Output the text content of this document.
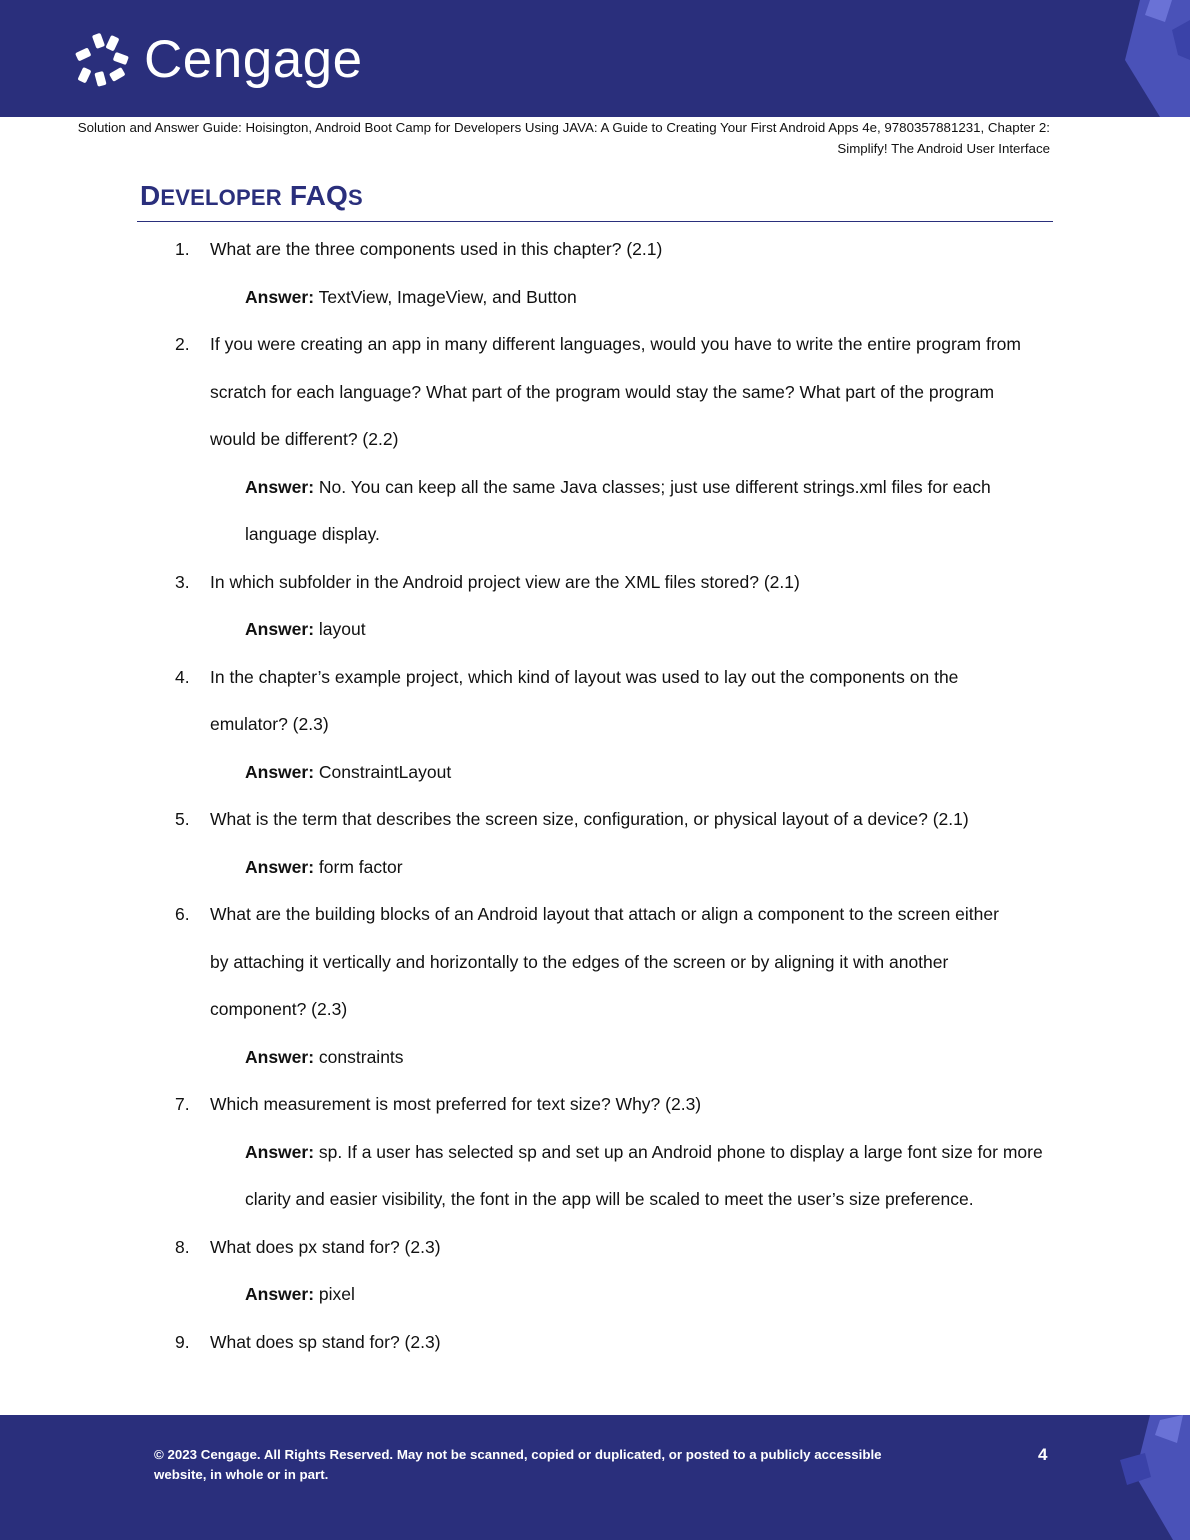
Cengage
Solution and Answer Guide: Hoisington, Android Boot Camp for Developers Using JAVA: A Guide to Creating Your First Android Apps 4e, 9780357881231, Chapter 2:
Simplify! The Android User Interface
DEVELOPER FAQS
1. What are the three components used in this chapter? (2.1)
Answer: TextView, ImageView, and Button
2. If you were creating an app in many different languages, would you have to write the entire program from
scratch for each language? What part of the program would stay the same? What part of the program
would be different? (2.2)
Answer: No. You can keep all the same Java classes; just use different strings.xml files for each
language display.
3. In which subfolder in the Android project view are the XML files stored? (2.1)
Answer: layout
4. In the chapter’s example project, which kind of layout was used to lay out the components on the
emulator? (2.3)
Answer: ConstraintLayout
5. What is the term that describes the screen size, configuration, or physical layout of a device? (2.1)
Answer: form factor
6. What are the building blocks of an Android layout that attach or align a component to the screen either
by attaching it vertically and horizontally to the edges of the screen or by aligning it with another
component? (2.3)
Answer: constraints
7. Which measurement is most preferred for text size? Why? (2.3)
Answer: sp. If a user has selected sp and set up an Android phone to display a large font size for more
clarity and easier visibility, the font in the app will be scaled to meet the user’s size preference.
8. What does px stand for? (2.3)
Answer: pixel
9. What does sp stand for? (2.3)
© 2023 Cengage. All Rights Reserved. May not be scanned, copied or duplicated, or posted to a publicly accessible
website, in whole or in part.
4
